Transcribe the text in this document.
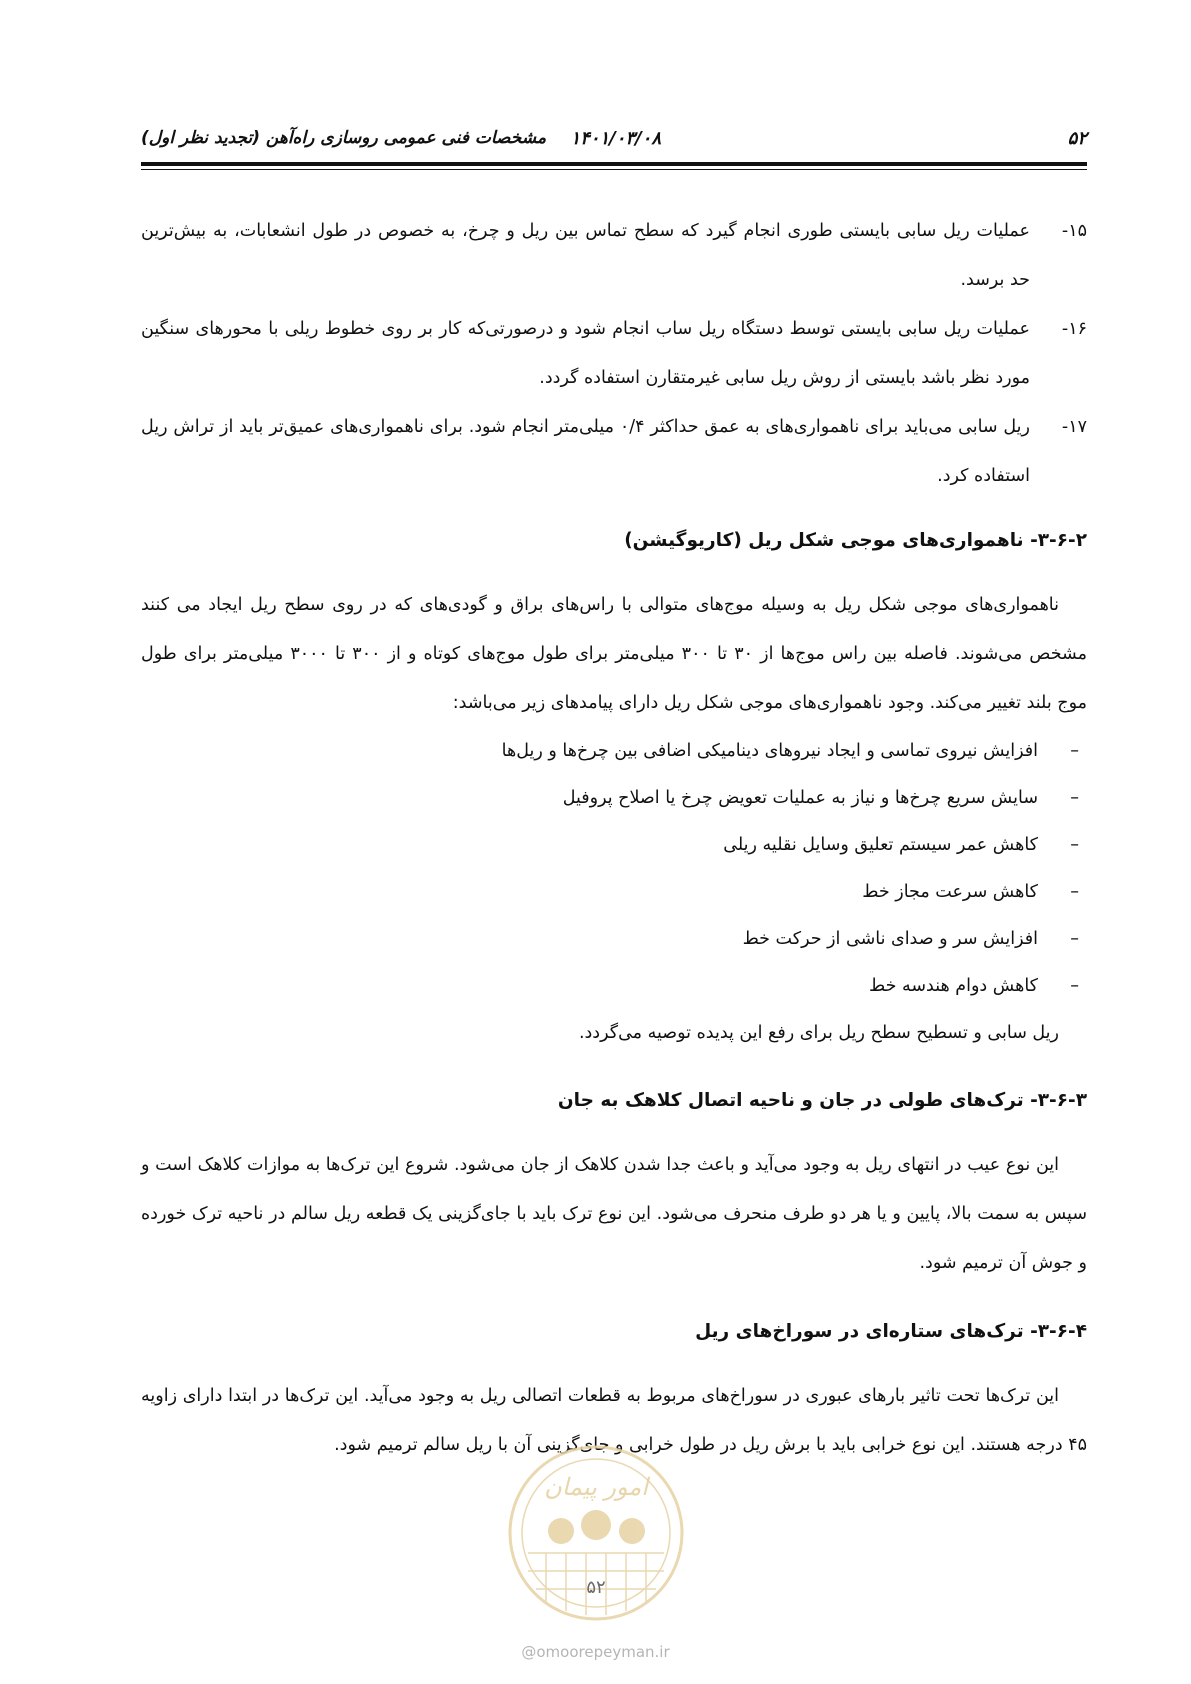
۵۲
۱۴۰۱/۰۳/۰۸
مشخصات فنی عمومی روسازی راه‌آهن (تجدید نظر اول)
۱۵-
عملیات ریل سابی بایستی طوری انجام گیرد که سطح تماس بین ریل و چرخ، به خصوص در طول انشعابات، به بیش‌ترین حد برسد.
۱۶-
عملیات ریل سابی بایستی توسط دستگاه ریل ساب انجام شود و درصورتی‌که کار بر روی خطوط ریلی با محورهای سنگین مورد نظر باشد بایستی از روش ریل سابی غیرمتقارن استفاده گردد.
۱۷-
ریل سابی می‌باید برای ناهمواری‌های به عمق حداکثر ۰/۴ میلی‌متر انجام شود. برای ناهمواری‌های عمیق‌تر باید از تراش ریل استفاده کرد.

۳-۶-۲- ناهمواری‌های موجی شکل ریل (کاریوگیشن)

ناهمواری‌های موجی شکل ریل به وسیله موج‌های متوالی با راس‌های براق و گودی‌های که در روی سطح ریل ایجاد می کنند مشخص می‌شوند. فاصله بین راس موج‌ها از ۳۰ تا ۳۰۰ میلی‌متر برای طول موج‌های کوتاه و از ۳۰۰ تا ۳۰۰۰ میلی‌متر برای طول موج بلند تغییر می‌کند. وجود ناهمواری‌های موجی شکل ریل دارای پیامدهای زیر می‌باشد:

–
افزایش نیروی تماسی و ایجاد نیروهای دینامیکی اضافی بین چرخ‌ها و ریل‌ها
–
سایش سریع چرخ‌ها و نیاز به عملیات تعویض چرخ یا اصلاح پروفیل
–
کاهش عمر سیستم تعلیق وسایل نقلیه ریلی
–
کاهش سرعت مجاز خط
–
افزایش سر و صدای ناشی از حرکت خط
–
کاهش دوام هندسه خط

ریل سابی و تسطیح سطح ریل برای رفع این پدیده توصیه می‌گردد.

۳-۶-۳- ترک‌های طولی در جان و ناحیه اتصال کلاهک به جان

این نوع عیب در انتهای ریل به وجود می‌آید و باعث جدا شدن کلاهک از جان می‌شود. شروع این ترک‌ها به موازات کلاهک است و سپس به سمت بالا، پایین و یا هر دو طرف منحرف می‌شود. این نوع ترک باید با جای‌گزینی یک قطعه ریل سالم در ناحیه ترک خورده و جوش آن ترمیم شود.

۳-۶-۴- ترک‌های ستاره‌ای در سوراخ‌های ریل

این ترک‌ها تحت تاثیر بارهای عبوری در سوراخ‌های مربوط به قطعات اتصالی ریل به وجود می‌آید. این ترک‌ها در ابتدا دارای زاویه ۴۵ درجه هستند. این نوع خرابی باید با برش ریل در طول خرابی و جای‌گزینی آن با ریل سالم ترمیم شود.

امور پیمان
۵۲
@omoorepeyman.ir
